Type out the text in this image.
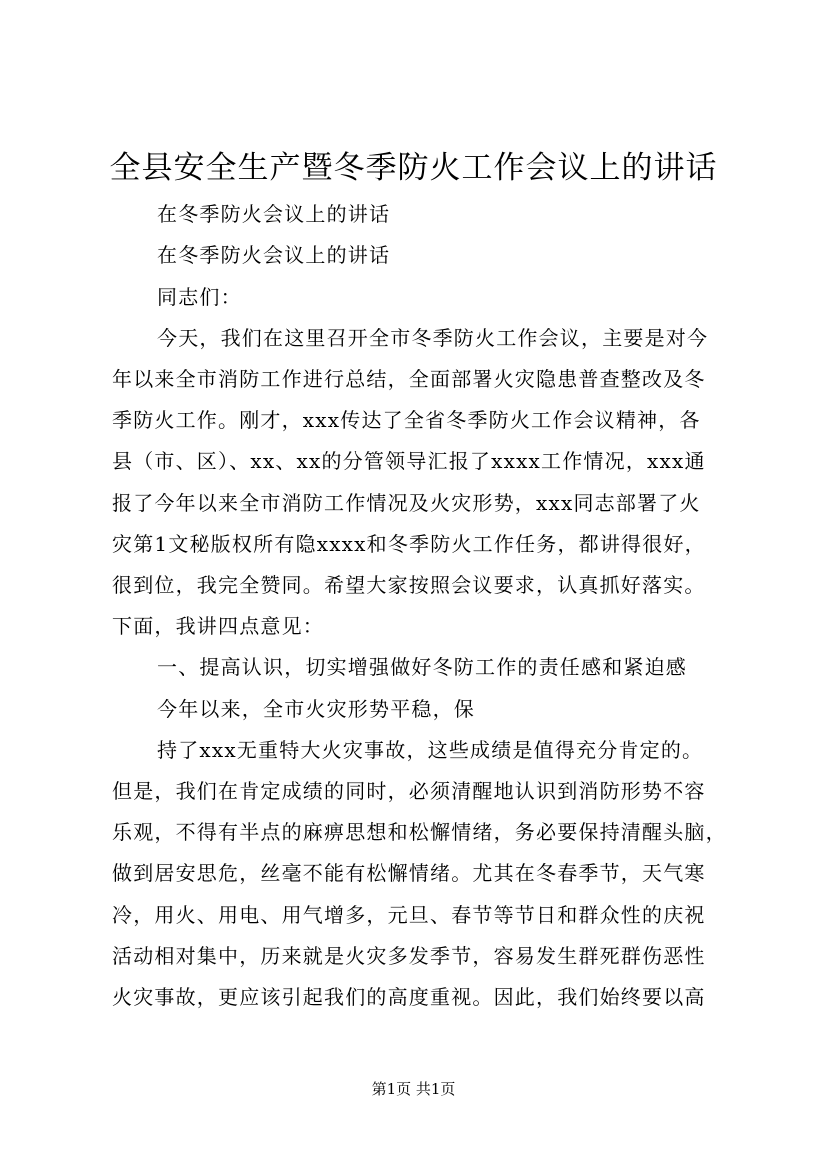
全县安全生产暨冬季防火工作会议上的讲话
在冬季防火会议上的讲话
在冬季防火会议上的讲话
同志们：
今天，我们在这里召开全市冬季防火工作会议，主要是对今
年以来全市消防工作进行总结，全面部署火灾隐患普查整改及冬
季防火工作。刚才，xxx传达了全省冬季防火工作会议精神，各
县（市、区）、xx、xx的分管领导汇报了xxxx工作情况，xxx通
报了今年以来全市消防工作情况及火灾形势，xxx同志部署了火
灾第1文秘版权所有隐xxxx和冬季防火工作任务，都讲得很好，
很到位，我完全赞同。希望大家按照会议要求，认真抓好落实。
下面，我讲四点意见：
一、提高认识，切实增强做好冬防工作的责任感和紧迫感
今年以来，全市火灾形势平稳，保
持了xxx无重特大火灾事故，这些成绩是值得充分肯定的。
但是，我们在肯定成绩的同时，必须清醒地认识到消防形势不容
乐观，不得有半点的麻痹思想和松懈情绪，务必要保持清醒头脑，
做到居安思危，丝毫不能有松懈情绪。尤其在冬春季节，天气寒
冷，用火、用电、用气增多，元旦、春节等节日和群众性的庆祝
活动相对集中，历来就是火灾多发季节，容易发生群死群伤恶性
火灾事故，更应该引起我们的高度重视。因此，我们始终要以高
第1页 共1页
